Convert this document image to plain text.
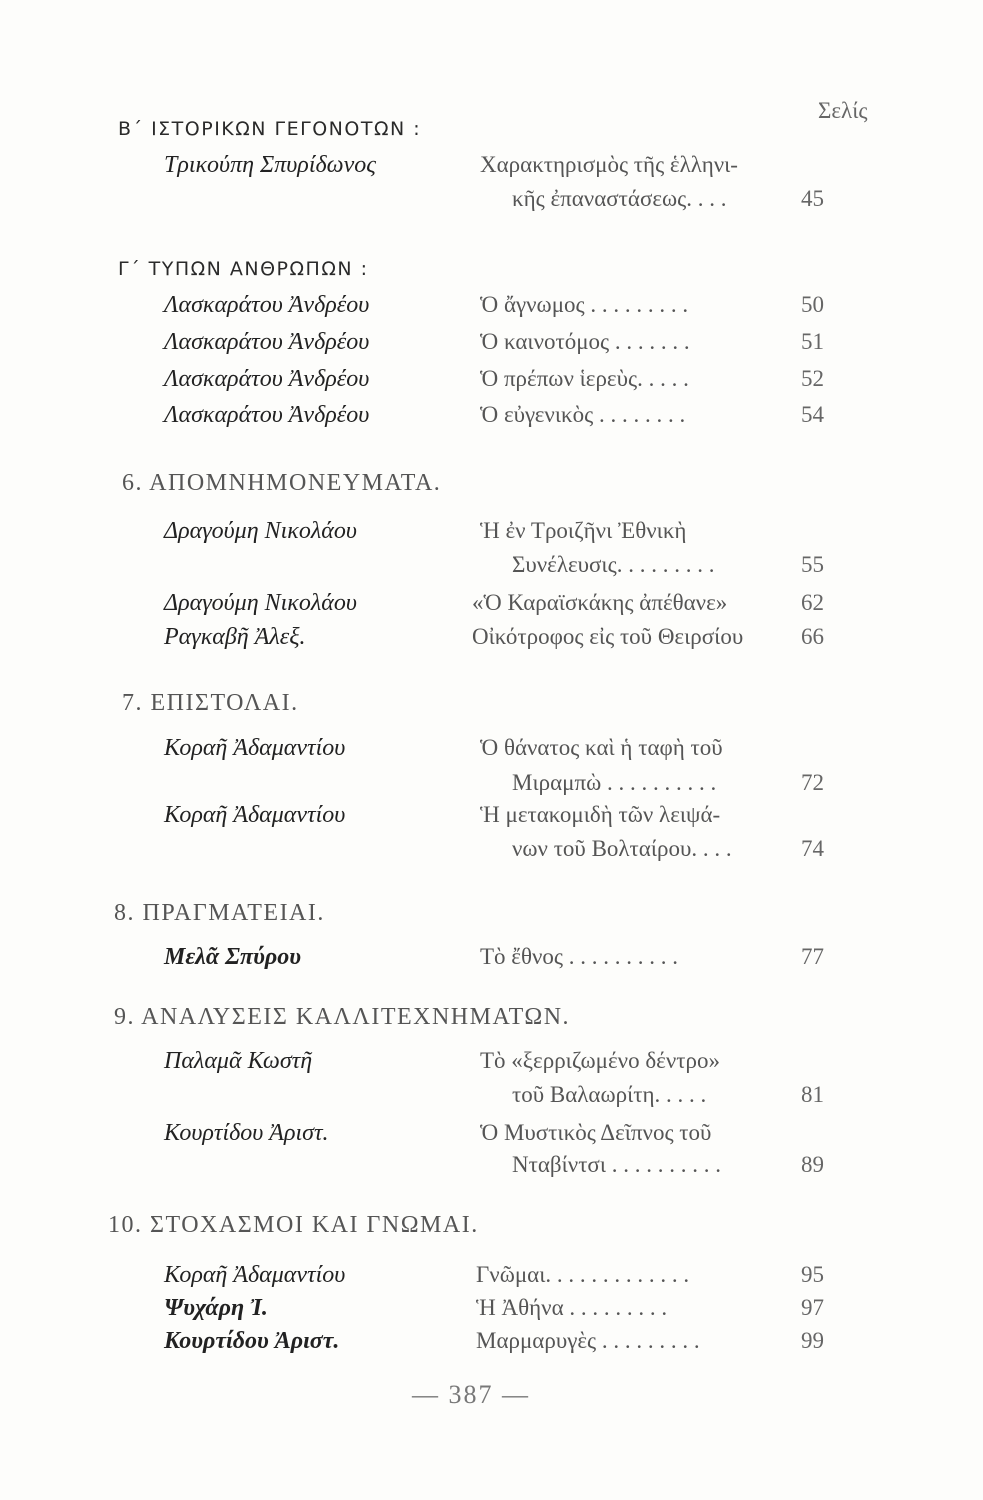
Σελίς
Β΄ ΙΣΤΟΡΙΚΩΝ ΓΕΓΟΝΟΤΩΝ :
Τρικούπη Σπυρίδωνος	Χαρακτηρισμὸς τῆς ἑλληνι-
κῆς ἐπαναστάσεως. . . .	45
Γ΄ ΤΥΠΩΝ ΑΝΘΡΩΠΩΝ :
Λασκαράτου Ἀνδρέου	Ὁ ἄγνωμος . . . . . . . . .	50
Λασκαράτου Ἀνδρέου	Ὁ καινοτόμος . . . . . . .	51
Λασκαράτου Ἀνδρέου	Ὁ πρέπων ἱερεὺς. . . . .	52
Λασκαράτου Ἀνδρέου	Ὁ εὐγενικὸς . . . . . . . .	54
6. ΑΠΟΜΝΗΜΟΝΕΥΜΑΤΑ.
Δραγούμη Νικολάου	Ἡ ἐν Τροιζῆνι Ἐθνικὴ
Συνέλευσις. . . . . . . . .	55
Δραγούμη Νικολάου	«Ὁ Καραϊσκάκης ἀπέθανε»	62
Ραγκαβῆ Ἀλεξ.	Οἰκότροφος εἰς τοῦ Θειρσίου	66
7. ΕΠΙΣΤΟΛΑΙ.
Κοραῆ Ἀδαμαντίου	Ὁ θάνατος καὶ ἡ ταφὴ τοῦ
Μιραμπὼ . . . . . . . . . .	72
Κοραῆ Ἀδαμαντίου	Ἡ μετακομιδὴ τῶν λειψά-
νων τοῦ Βολταίρου. . . .	74
8. ΠΡΑΓΜΑΤΕΙΑΙ.
Μελᾶ Σπύρου	Τὸ ἔθνος . . . . . . . . . .	77
9. ΑΝΑΛΥΣΕΙΣ ΚΑΛΛΙΤΕΧΝΗΜΑΤΩΝ.
Παλαμᾶ Κωστῆ	Τὸ «ξερριζωμένο δέντρο»
τοῦ Βαλαωρίτη. . . . .	81
Κουρτίδου Ἀριστ.	Ὁ Μυστικὸς Δεῖπνος τοῦ
Νταβίντσι . . . . . . . . . .	89
10. ΣΤΟΧΑΣΜΟΙ ΚΑΙ ΓΝΩΜΑΙ.
Κοραῆ Ἀδαμαντίου	Γνῶμαι. . . . . . . . . . . . .	95
Ψυχάρη Ἰ.	Ἡ Ἀθήνα . . . . . . . . .	97
Κουρτίδου Ἀριστ.	Μαρμαρυγὲς . . . . . . . . .	99
— 387 —
